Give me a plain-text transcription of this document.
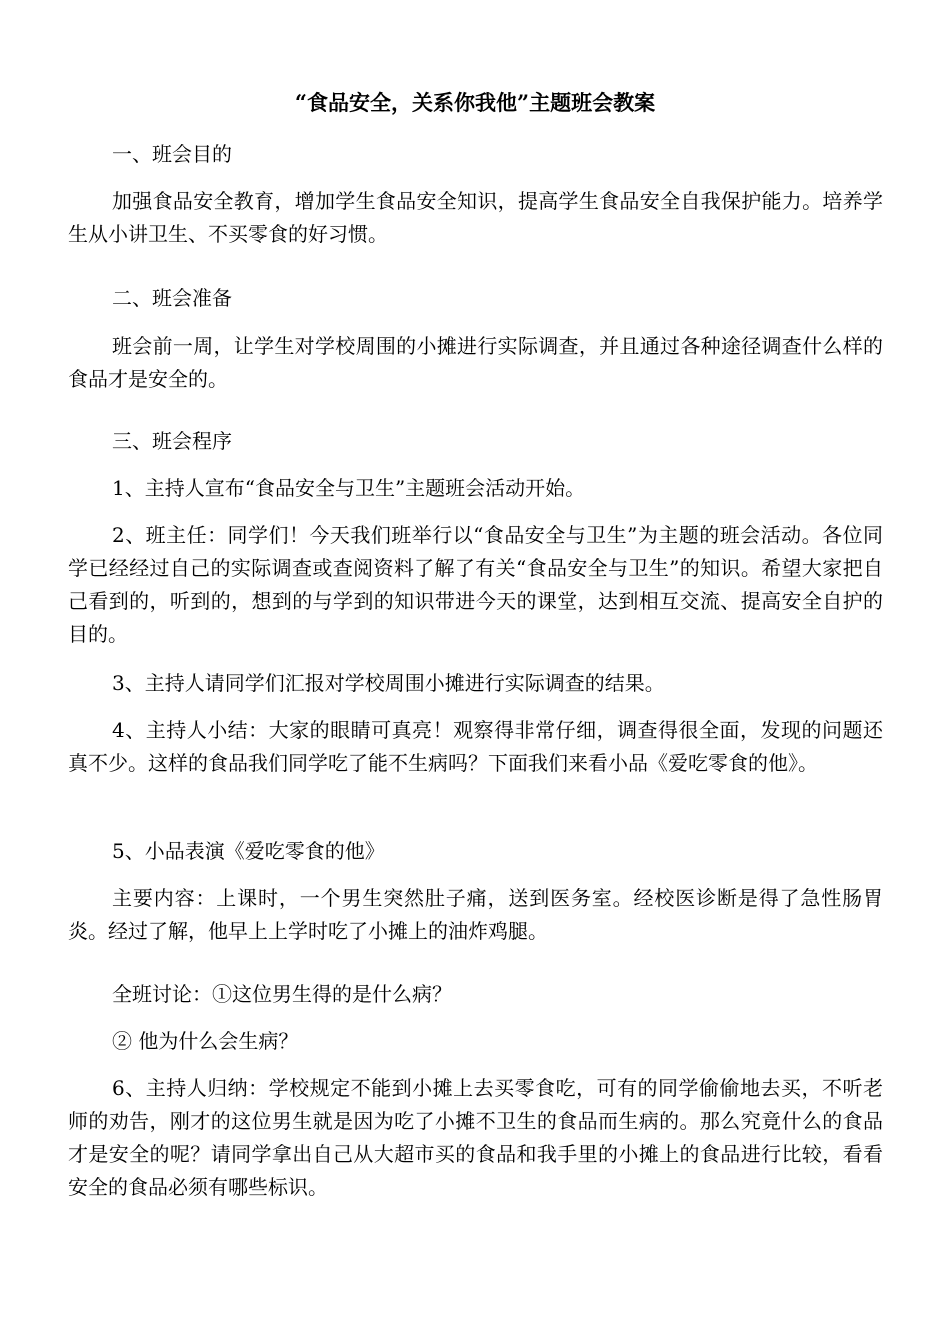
“食品安全，关系你我他”主题班会教案

一、班会目的

加强食品安全教育，增加学生食品安全知识，提高学生食品安全自我保护能力。培养学生从小讲卫生、不买零食的好习惯。

二、班会准备

班会前一周，让学生对学校周围的小摊进行实际调查，并且通过各种途径调查什么样的食品才是安全的。

三、班会程序

1、主持人宣布“食品安全与卫生”主题班会活动开始。

2、班主任：同学们！今天我们班举行以“食品安全与卫生”为主题的班会活动。各位同学已经经过自己的实际调查或查阅资料了解了有关“食品安全与卫生”的知识。希望大家把自己看到的，听到的，想到的与学到的知识带进今天的课堂，达到相互交流、提高安全自护的目的。

3、主持人请同学们汇报对学校周围小摊进行实际调查的结果。

4、主持人小结：大家的眼睛可真亮！观察得非常仔细，调查得很全面，发现的问题还真不少。这样的食品我们同学吃了能不生病吗？下面我们来看小品《爱吃零食的他》。

5、小品表演《爱吃零食的他》

主要内容：上课时，一个男生突然肚子痛，送到医务室。经校医诊断是得了急性肠胃炎。经过了解，他早上上学时吃了小摊上的油炸鸡腿。

全班讨论：①这位男生得的是什么病？

② 他为什么会生病？

6、主持人归纳：学校规定不能到小摊上去买零食吃，可有的同学偷偷地去买，不听老师的劝告，刚才的这位男生就是因为吃了小摊不卫生的食品而生病的。那么究竟什么的食品才是安全的呢？请同学拿出自己从大超市买的食品和我手里的小摊上的食品进行比较，看看安全的食品必须有哪些标识。
